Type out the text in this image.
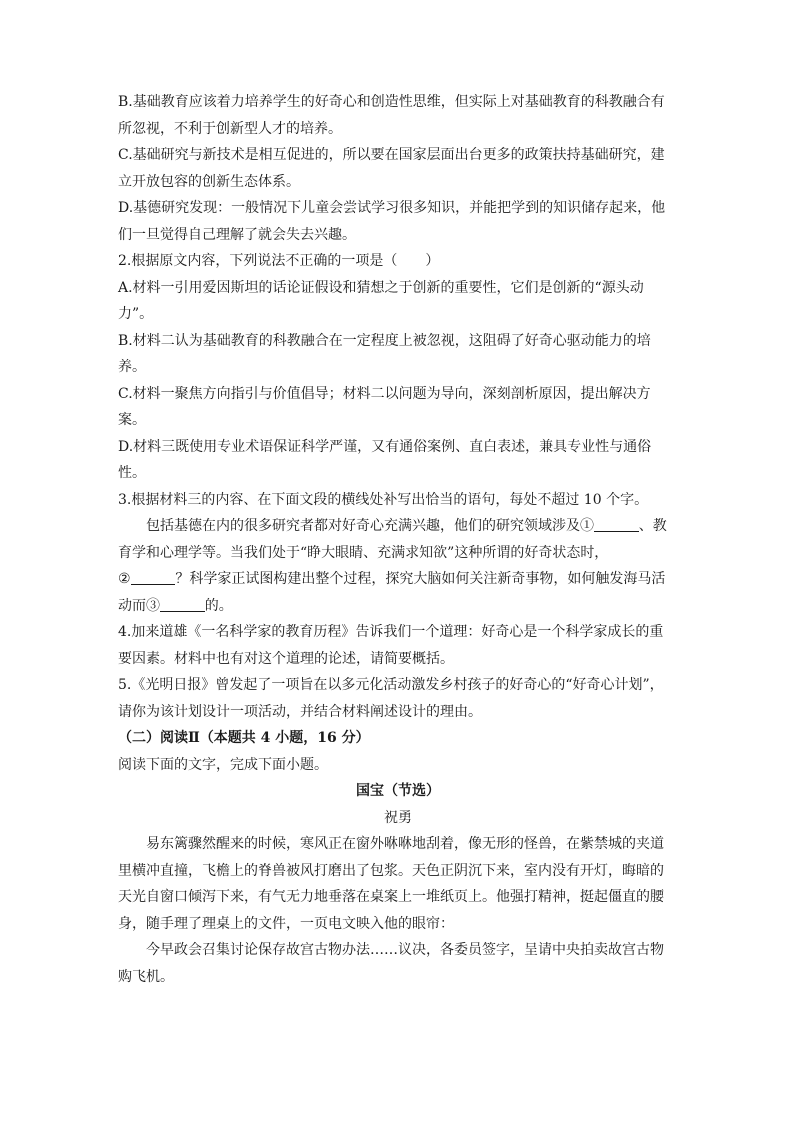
B.基础教育应该着力培养学生的好奇心和创造性思维，但实际上对基础教育的科教融合有

所忽视，不利于创新型人才的培养。

C.基础研究与新技术是相互促进的，所以要在国家层面出台更多的政策扶持基础研究，建

立开放包容的创新生态体系。

D.基德研究发现：一般情况下儿童会尝试学习很多知识，并能把学到的知识储存起来，他

们一旦觉得自己理解了就会失去兴趣。

2.根据原文内容，下列说法不正确的一项是（　　）

A.材料一引用爱因斯坦的话论证假设和猜想之于创新的重要性，它们是创新的“源头动

力”。

B.材料二认为基础教育的科教融合在一定程度上被忽视，这阻碍了好奇心驱动能力的培

养。

C.材料一聚焦方向指引与价值倡导；材料二以问题为导向，深刻剖析原因，提出解决方

案。

D.材料三既使用专业术语保证科学严谨，又有通俗案例、直白表述，兼具专业性与通俗

性。

3.根据材料三的内容、在下面文段的横线处补写出恰当的语句，每处不超过 10 个字。

包括基德在内的很多研究者都对好奇心充满兴趣，他们的研究领域涉及①	、教

育学和心理学等。当我们处于“睁大眼睛、充满求知欲”这种所谓的好奇状态时，

②	？科学家正试图构建出整个过程，探究大脑如何关注新奇事物，如何触发海马活

动而③	的。

4.加来道雄《一名科学家的教育历程》告诉我们一个道理：好奇心是一个科学家成长的重

要因素。材料中也有对这个道理的论述，请简要概括。

5.《光明日报》曾发起了一项旨在以多元化活动激发乡村孩子的好奇心的“好奇心计划”，

请你为该计划设计一项活动，并结合材料阐述设计的理由。

（二）阅读Ⅱ（本题共 4 小题，16 分）

阅读下面的文字，完成下面小题。

国宝（节选）

祝勇

易东篱骤然醒来的时候，寒风正在窗外咻咻地刮着，像无形的怪兽，在紫禁城的夹道

里横冲直撞，飞檐上的脊兽被风打磨出了包浆。天色正阴沉下来，室内没有开灯，晦暗的

天光自窗口倾泻下来，有气无力地垂落在桌案上一堆纸页上。他强打精神，挺起僵直的腰

身，随手理了理桌上的文件，一页电文映入他的眼帘：

今早政会召集讨论保存故宫古物办法……议决，各委员签字，呈请中央拍卖故宫古物

购飞机。
